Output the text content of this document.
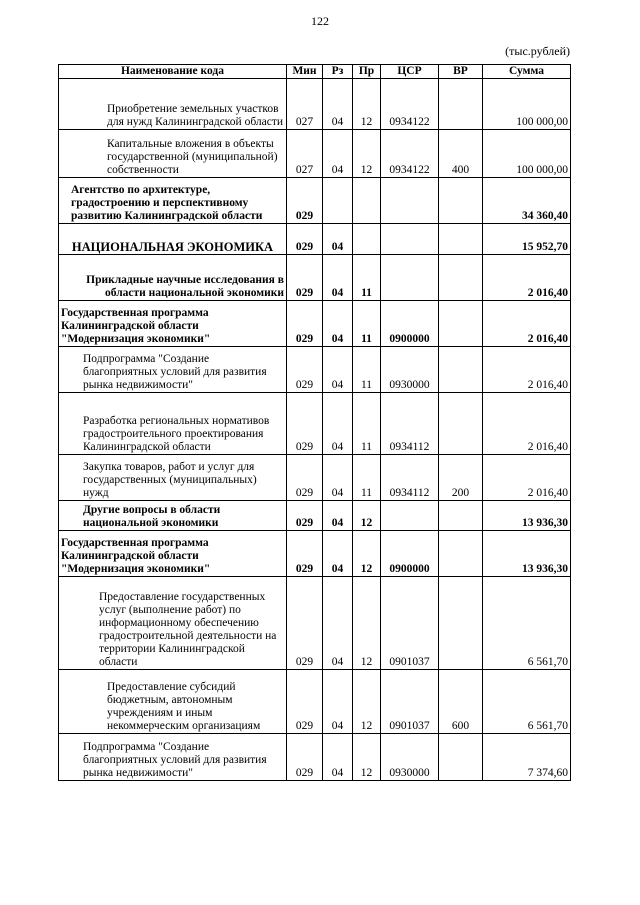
122
(тыс.рублей)
Наименование кода	Мин	Рз	Пр	ЦСР	ВР	Сумма
Приобретение земельных участков для нужд Калининградской области	027	04	12	0934122		100 000,00
Капитальные вложения в объекты государственной (муниципальной) собственности	027	04	12	0934122	400	100 000,00
Агентство по архитектуре, градостроению и перспективному развитию Калининградской области	029					34 360,40
НАЦИОНАЛЬНАЯ ЭКОНОМИКА	029	04				15 952,70
Прикладные научные исследования в области национальной экономики	029	04	11			2 016,40
Государственная программа Калининградской области "Модернизация экономики"	029	04	11	0900000		2 016,40
Подпрограмма "Создание благоприятных условий для развития рынка недвижимости"	029	04	11	0930000		2 016,40
Разработка региональных нормативов градостроительного проектирования Калининградской области	029	04	11	0934112		2 016,40
Закупка товаров, работ и услуг для государственных (муниципальных) нужд	029	04	11	0934112	200	2 016,40
Другие вопросы в области национальной экономики	029	04	12			13 936,30
Государственная программа Калининградской области "Модернизация экономики"	029	04	12	0900000		13 936,30
Предоставление государственных услуг (выполнение работ) по информационному обеспечению градостроительной деятельности на территории Калининградской области	029	04	12	0901037		6 561,70
Предоставление субсидий бюджетным, автономным учреждениям и иным некоммерческим организациям	029	04	12	0901037	600	6 561,70
Подпрограмма "Создание благоприятных условий для развития рынка недвижимости"	029	04	12	0930000		7 374,60
